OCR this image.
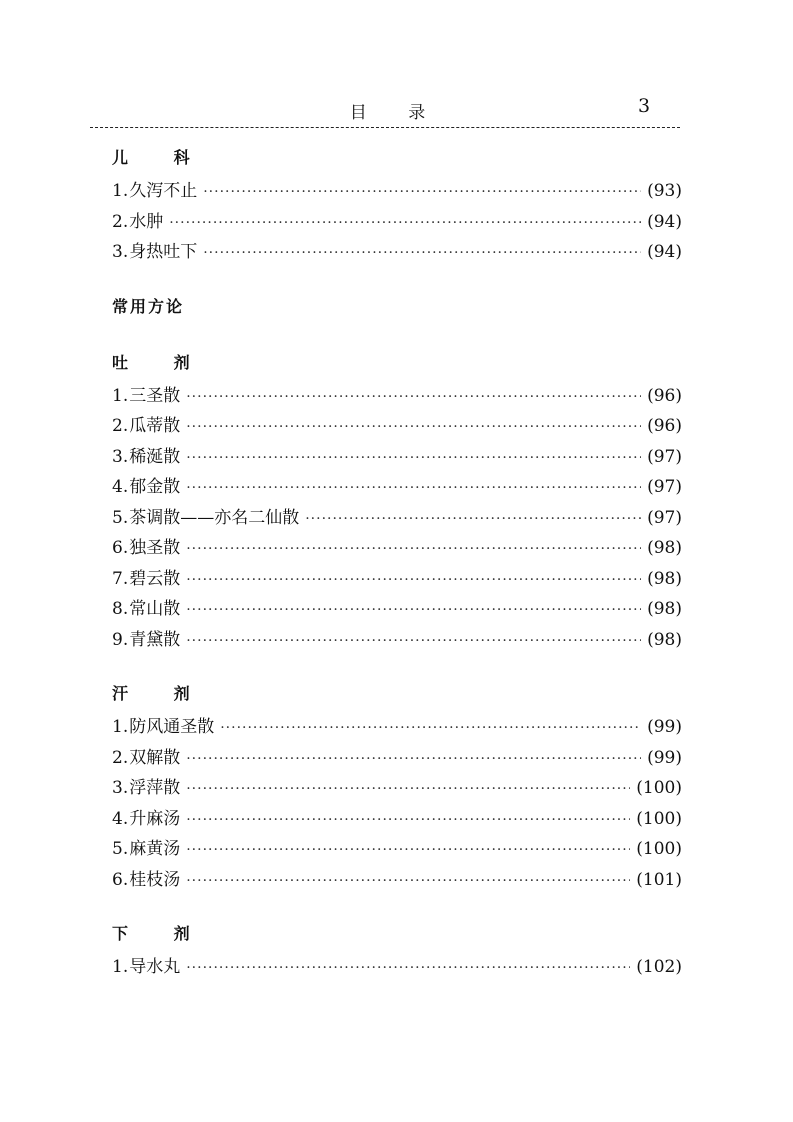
目 录	3
儿 科
1. 久泻不止 ·····	(93)
2. 水肿 ·····	(94)
3. 身热吐下 ·····	(94)
常用方论
吐 剂
1. 三圣散 ·····	(96)
2. 瓜蒂散 ·····	(96)
3. 稀涎散 ·····	(97)
4. 郁金散 ·····	(97)
5. 茶调散——亦名二仙散 ·····	(97)
6. 独圣散 ·····	(98)
7. 碧云散 ·····	(98)
8. 常山散 ·····	(98)
9. 青黛散 ·····	(98)
汗 剂
1. 防风通圣散 ·····	(99)
2. 双解散 ·····	(99)
3. 浮萍散 ·····	(100)
4. 升麻汤 ·····	(100)
5. 麻黄汤 ·····	(100)
6. 桂枝汤 ·····	(101)
下 剂
1. 导水丸 ·····	(102)
